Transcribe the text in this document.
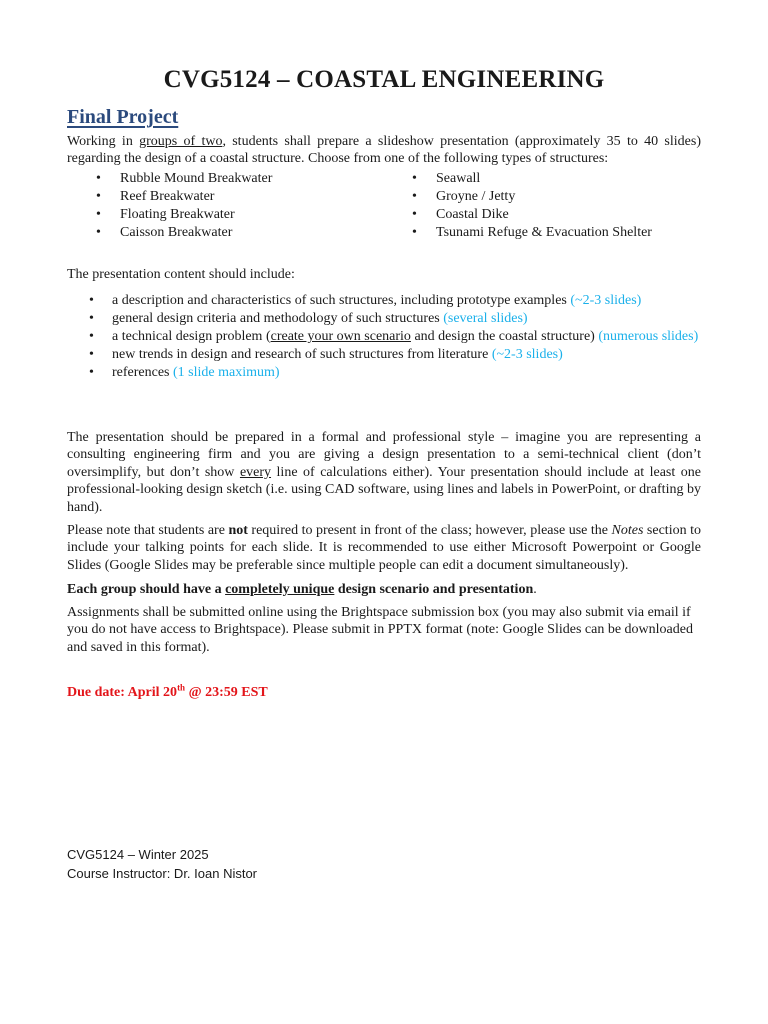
CVG5124 – COASTAL ENGINEERING
Final Project

Working in groups of two, students shall prepare a slideshow presentation (approximately 35 to 40 slides) regarding the design of a coastal structure. Choose from one of the following types of structures:

• Rubble Mound Breakwater
• Reef Breakwater
• Floating Breakwater
• Caisson Breakwater
• Seawall
• Groyne / Jetty
• Coastal Dike
• Tsunami Refuge & Evacuation Shelter

The presentation content should include:

• a description and characteristics of such structures, including prototype examples (~2-3 slides)
• general design criteria and methodology of such structures (several slides)
• a technical design problem (create your own scenario and design the coastal structure) (numerous slides)
• new trends in design and research of such structures from literature (~2-3 slides)
• references (1 slide maximum)

The presentation should be prepared in a formal and professional style – imagine you are representing a consulting engineering firm and you are giving a design presentation to a semi-technical client (don’t oversimplify, but don’t show every line of calculations either). Your presentation should include at least one professional-looking design sketch (i.e. using CAD software, using lines and labels in PowerPoint, or drafting by hand).

Please note that students are not required to present in front of the class; however, please use the Notes section to include your talking points for each slide. It is recommended to use either Microsoft Powerpoint or Google Slides (Google Slides may be preferable since multiple people can edit a document simultaneously).

Each group should have a completely unique design scenario and presentation.

Assignments shall be submitted online using the Brightspace submission box (you may also submit via email if you do not have access to Brightspace). Please submit in PPTX format (note: Google Slides can be downloaded and saved in this format).

Due date: April 20th @ 23:59 EST

CVG5124 – Winter 2025
Course Instructor: Dr. Ioan Nistor
